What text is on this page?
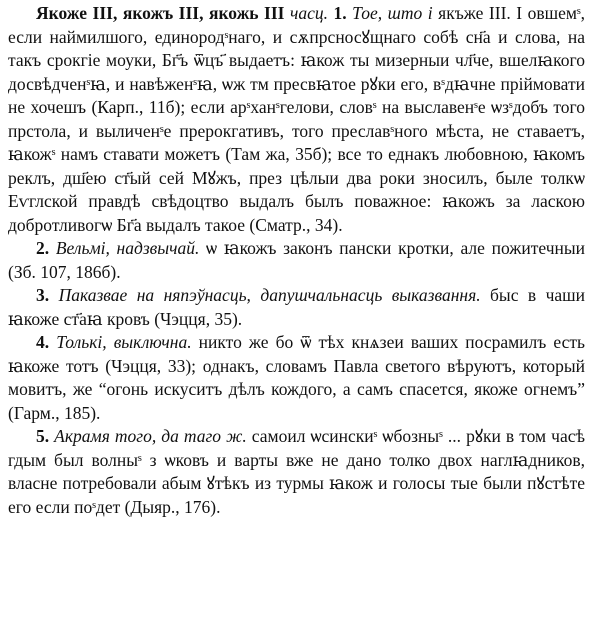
Якоже ІІІ, якожъ ІІІ, якожь ІІІ часц. 1. Тое, што і якъже ІІІ. І овшемˢ, если наймилшого, единородˢнаго, и сѫпрсносꙋщнаго собѣ сн҃а и слова, на такъ срокгіе моуки, Бг҃ъ ѿцъ҃ выдаетъ: ꙗкож ты мизерныи чл҃че, вшелꙗкого досвѣдченˢꙗ, и навѣженˢꙗ, ѡж тм пресвꙗтое рꙋки его, вˢдꙗчне пріймовати не хочешъ (Карп., 11б); если арˢханˢгелови, словˢ на выславенˢе ѡзˢдобъ того прстола, и выличенˢе прерокгативъ, того преславˢного мѣста, не ставаетъ, ꙗкожˢ намъ ставати можетъ (Там жа, 35б); все то еднакъ любовною, ꙗкомъ реклъ, дш҃ею ст҃ый сей Мꙋжъ, през цѣлыи два роки зносилъ, быле толкѡ Еѵглской правдѣ свѣдоцтво выдалъ былъ поважное: ꙗкожъ за ласкою добротливогѡ Бг҃а выдалъ такое (Сматр., 34).

2. Вельмі, надзвычай. ѡ ꙗкожъ законъ пански кротки, але пожитечныи (Зб. 107, 186б).

3. Паказвае на няпэўнасць, дапушчальнасць выказвання. быс в чаши ꙗкоже ст҃аꙗ кровъ (Чэцця, 35).

4. Толькі, выключна. никто же бо ѿ тѣх кнѧзеи ваших посрамилъ есть ꙗкоже тотъ (Чэцця, 33); однакъ, словамъ Павла светого вѣруютъ, который мовитъ, же “огонь искуситъ дѣлъ кождого, а самъ спасется, якоже огнемъ” (Гарм., 185).

5. Акрамя того, да таго ж. самоил ѡсинскиˢ ѡбозныˢ ... рꙋки в том часѣ гдым был волныˢ з ѡковъ и варты вже не дано толко двох наглꙗдников, власне потребовали абым ꙋтѣкъ из турмы ꙗкож и голосы тые были пꙋстѣте его если поˢдет (Дыяр., 176).
